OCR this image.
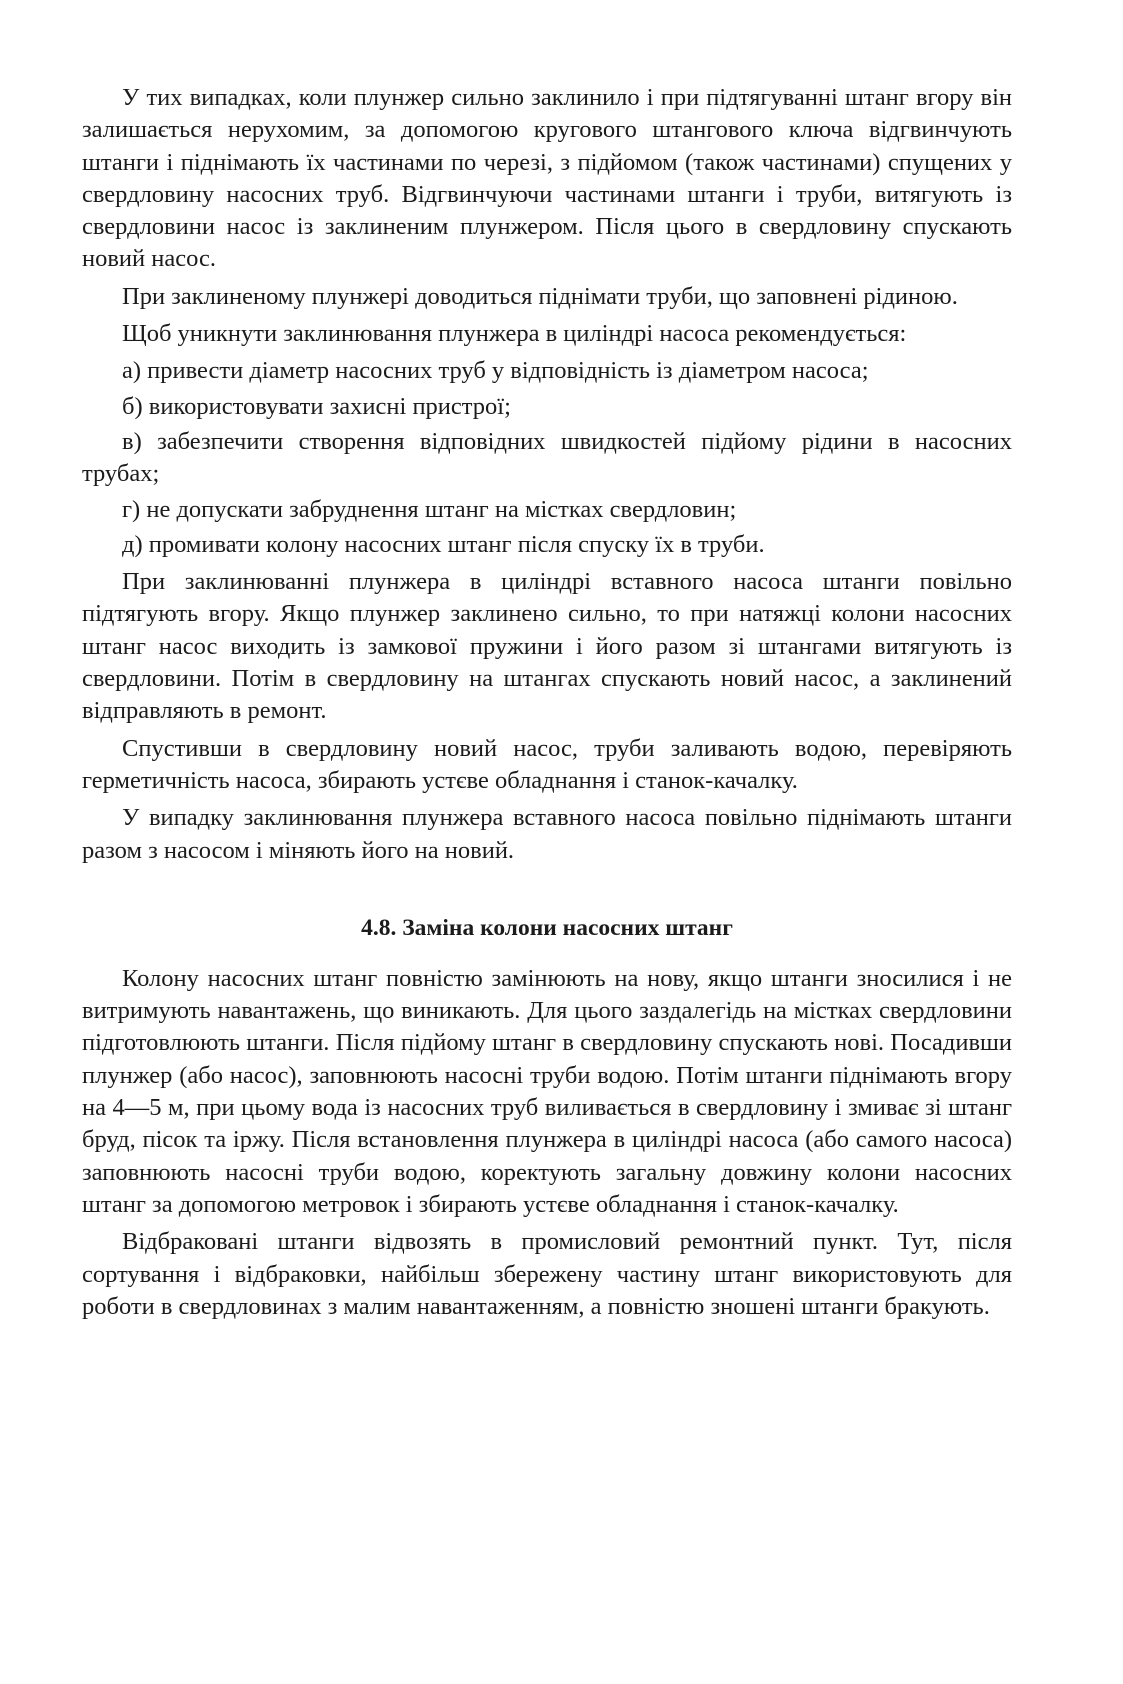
У тих випадках, коли плунжер сильно заклинило і при підтягуванні штанг вгору він залишається нерухомим, за допомогою кругового штангового ключа відгвинчують штанги і піднімають їх частинами по черезі, з підйомом (також частинами) спущених у свердловину насосних труб. Відгвинчуючи частинами штанги і труби, витягують із свердловини насос із заклиненим плунжером. Після цього в свердловину спускають новий насос.

При заклиненому плунжері доводиться піднімати труби, що заповнені рідиною.

Щоб уникнути заклинювання плунжера в циліндрі насоса рекомендується:

а) привести діаметр насосних труб у відповідність із діаметром насоса;

б) використовувати захисні пристрої;

в) забезпечити створення відповідних швидкостей підйому рідини в насосних трубах;

г) не допускати забруднення штанг на містках свердловин;

д) промивати колону насосних штанг після спуску їх в труби.

При заклинюванні плунжера в циліндрі вставного насоса штанги повільно підтягують вгору. Якщо плунжер заклинено сильно, то при натяжці колони насосних штанг насос виходить із замкової пружини і його разом зі штангами витягують із свердловини. Потім в свердловину на штангах спускають новий насос, а заклинений відправляють в ремонт.

Спустивши в свердловину новий насос, труби заливають водою, перевіряють герметичність насоса, збирають устєве обладнання і станок-качалку.

У випадку заклинювання плунжера вставного насоса повільно піднімають штанги разом з насосом і міняють його на новий.

4.8. Заміна колони насосних штанг

Колону насосних штанг повністю замінюють на нову, якщо штанги зносилися і не витримують навантажень, що виникають. Для цього заздалегідь на містках свердловини підготовлюють штанги. Після підйому штанг в свердловину спускають нові. Посадивши плунжер (або насос), заповнюють насосні труби водою. Потім штанги піднімають вгору на 4—5 м, при цьому вода із насосних труб виливається в свердловину і змиває зі штанг бруд, пісок та іржу. Після встановлення плунжера в циліндрі насоса (або самого насоса) заповнюють насосні труби водою, коректують загальну довжину колони насосних штанг за допомогою метровок і збирають устєве обладнання і станок-качалку.

Відбраковані штанги відвозять в промисловий ремонтний пункт. Тут, після сортування і відбраковки, найбільш збережену частину штанг використовують для роботи в свердловинах з малим навантаженням, а повністю зношені штанги бракують.
